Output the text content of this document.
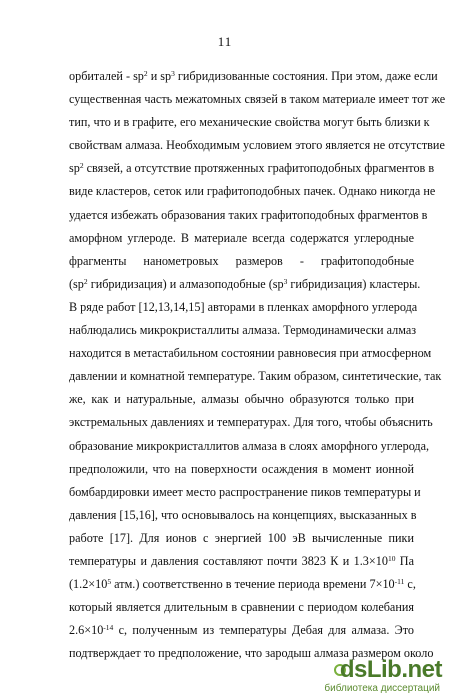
11
орбиталей - $sp^2$ и $sp^3$ гибридизованные состояния. При этом, даже если
существенная часть межатомных связей в таком материале имеет тот же
тип, что и в графите, его механические свойства могут быть близки к
свойствам алмаза. Необходимым условием этого является не отсутствие
$sp^2$ связей, а отсутствие протяженных графитоподобных фрагментов в
виде кластеров, сеток или графитоподобных пачек. Однако никогда не
удается избежать образования таких графитоподобных фрагментов в
аморфном углероде. В материале всегда содержатся углеродные
фрагменты нанометровых размеров - графитоподобные
($sp^2$ гибридизация) и алмазоподобные ($sp^3$ гибридизация) кластеры.
В ряде работ [12,13,14,15] авторами в пленках аморфного углерода
наблюдались микрокристаллиты алмаза. Термодинамически алмаз
находится в метастабильном состоянии равновесия при атмосферном
давлении и комнатной температуре. Таким образом, синтетические, так
же, как и натуральные, алмазы обычно образуются только при
экстремальных давлениях и температурах. Для того, чтобы объяснить
образование микрокристаллитов алмаза в слоях аморфного углерода,
предположили, что на поверхности осаждения в момент ионной
бомбардировки имеет место распространение пиков температуры и
давления [15,16], что основывалось на концепциях, высказанных в
работе [17]. Для ионов с энергией 100 эВ вычисленные пики
температуры и давления составляют почти 3823 К и $1.3\times 10^{10}$ Па
($1.2\times 10^5$ атм.) соответственно в течение периода времени $7\times 10^{-11}$ с,
который является длительным в сравнении с периодом колебания
$2.6\times 10^{-14}$ с, полученным из температуры Дебая для алмаза. Это
подтверждает то предположение, что зародыш алмаза размером около
dsLib.net
библиотека диссертаций
